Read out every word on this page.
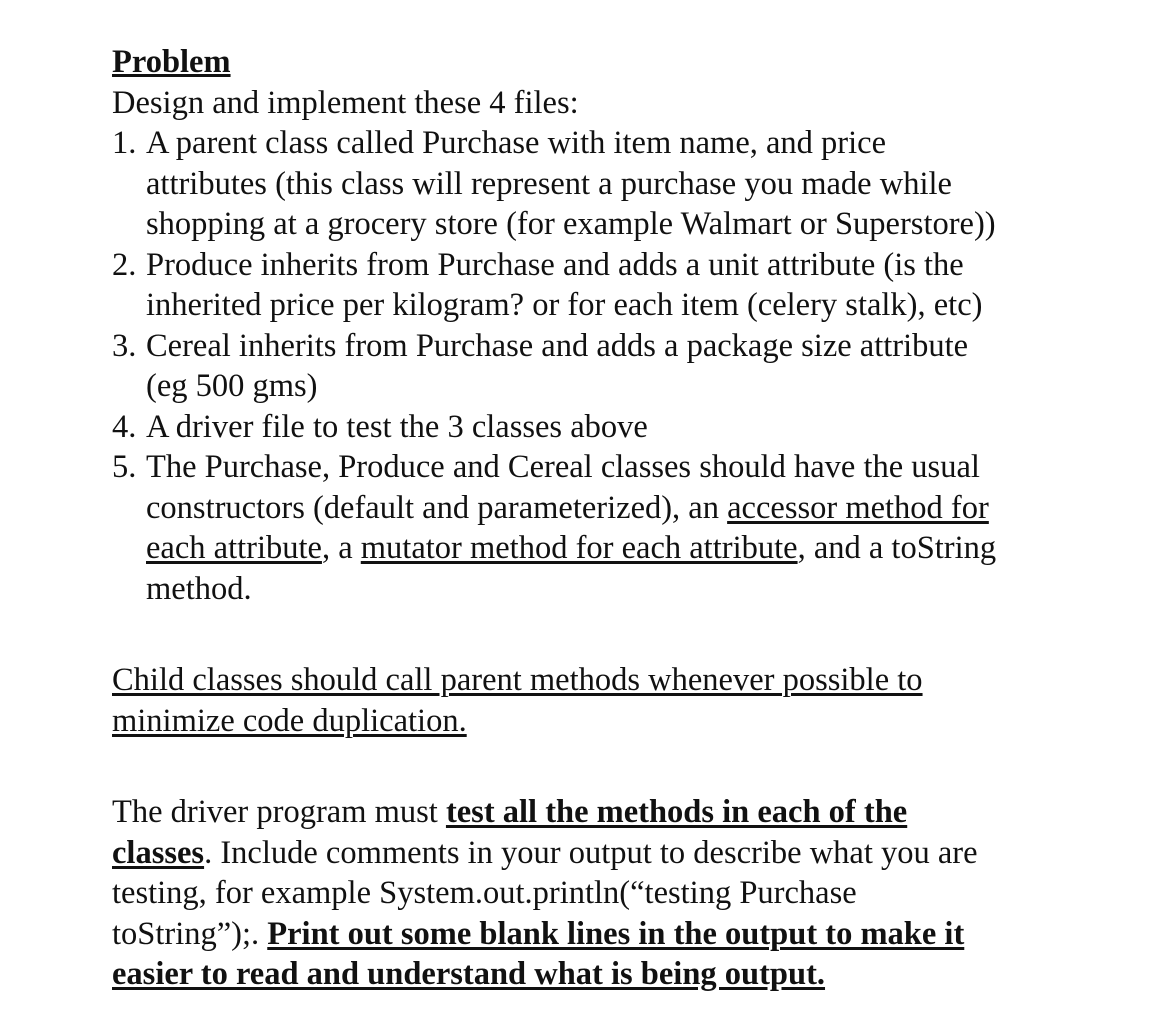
Problem
Design and implement these 4 files:
1. A parent class called Purchase with item name, and price
attributes (this class will represent a purchase you made while
shopping at a grocery store (for example Walmart or Superstore))
2. Produce inherits from Purchase and adds a unit attribute (is the
inherited price per kilogram? or for each item (celery stalk), etc)
3. Cereal inherits from Purchase and adds a package size attribute
(eg 500 gms)
4. A driver file to test the 3 classes above
5. The Purchase, Produce and Cereal classes should have the usual
constructors (default and parameterized), an accessor method for
each attribute, a mutator method for each attribute, and a toString
method.
Child classes should call parent methods whenever possible to
minimize code duplication.
The driver program must test all the methods in each of the
classes. Include comments in your output to describe what you are
testing, for example System.out.println(“testing Purchase
toString”);. Print out some blank lines in the output to make it
easier to read and understand what is being output.
